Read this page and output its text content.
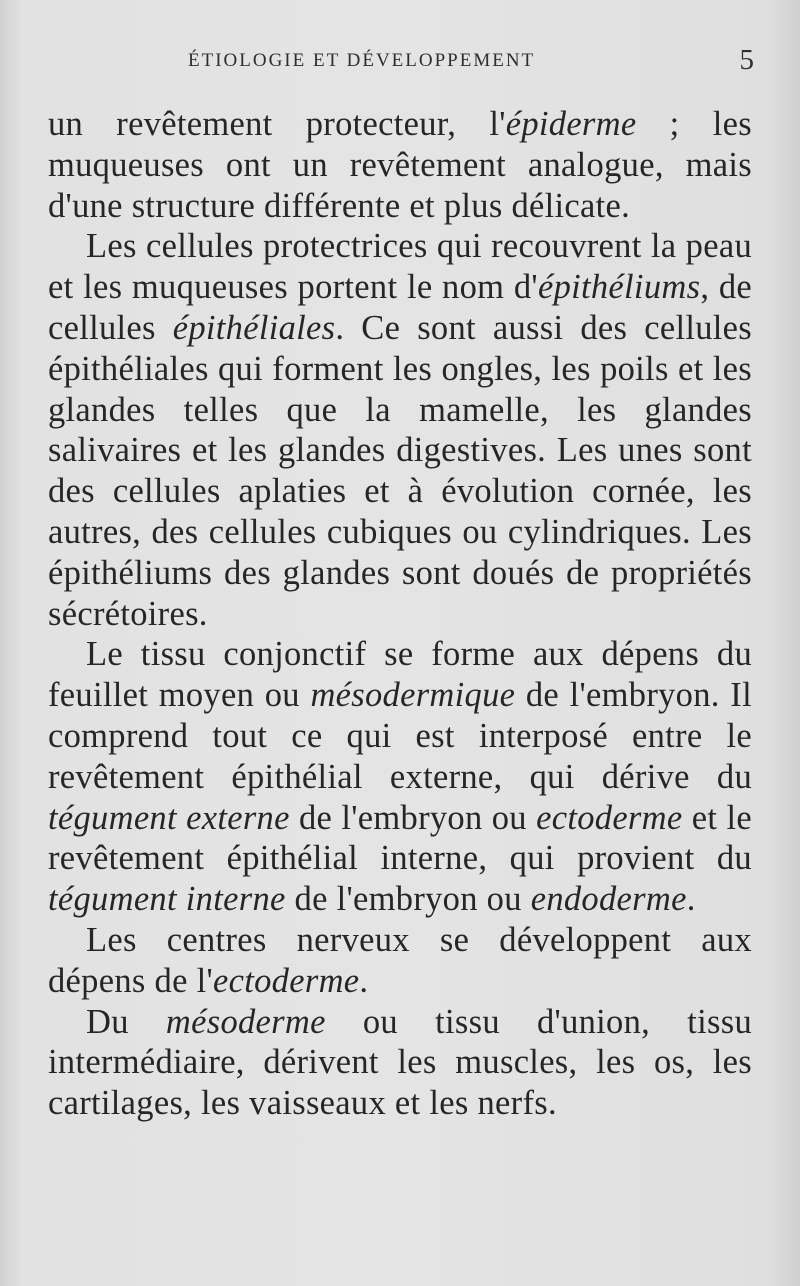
ÉTIOLOGIE ET DÉVELOPPEMENT	5

un revêtement protecteur, l'épiderme ; les muqueuses ont un revêtement analogue, mais d'une structure différente et plus délicate.

Les cellules protectrices qui recouvrent la peau et les muqueuses portent le nom d'épithéliums, de cellules épithéliales. Ce sont aussi des cellules épithéliales qui forment les ongles, les poils et les glandes telles que la mamelle, les glandes salivaires et les glandes digestives. Les unes sont des cellules aplaties et à évolution cornée, les autres, des cellules cubiques ou cylindriques. Les épithéliums des glandes sont doués de propriétés sécrétoires.

Le tissu conjonctif se forme aux dépens du feuillet moyen ou mésodermique de l'embryon. Il comprend tout ce qui est interposé entre le revêtement épithélial externe, qui dérive du tégument externe de l'embryon ou ectoderme et le revêtement épithélial interne, qui provient du tégument interne de l'embryon ou endoderme.

Les centres nerveux se développent aux dépens de l'ectoderme.

Du mésoderme ou tissu d'union, tissu intermédiaire, dérivent les muscles, les os, les cartilages, les vaisseaux et les nerfs.
